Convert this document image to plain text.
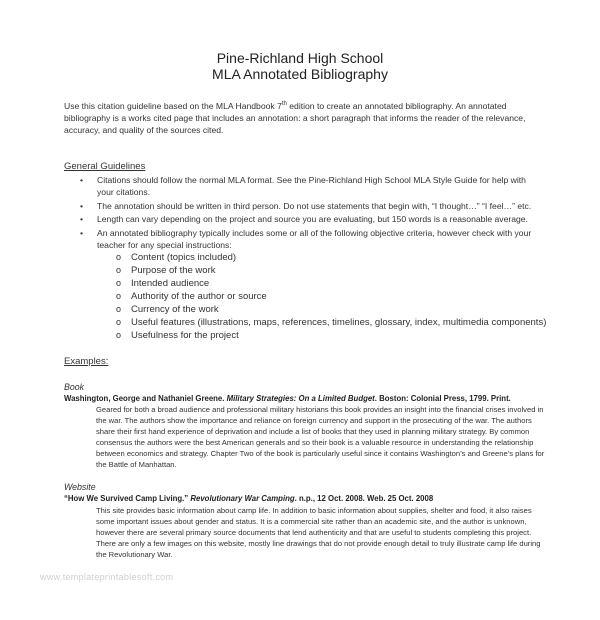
Pine-Richland High School
MLA Annotated Bibliography
Use this citation guideline based on the MLA Handbook 7th edition to create an annotated bibliography. An annotated bibliography is a works cited page that includes an annotation: a short paragraph that informs the reader of the relevance, accuracy, and quality of the sources cited.
General Guidelines
• Citations should follow the normal MLA format. See the Pine-Richland High School MLA Style Guide for help with your citations.
• The annotation should be written in third person. Do not use statements that begin with, “I thought…” “I feel…” etc.
• Length can vary depending on the project and source you are evaluating, but 150 words is a reasonable average.
• An annotated bibliography typically includes some or all of the following objective criteria, however check with your teacher for any special instructions:
o Content (topics included)
o Purpose of the work
o Intended audience
o Authority of the author or source
o Currency of the work
o Useful features (illustrations, maps, references, timelines, glossary, index, multimedia components)
o Usefulness for the project
Examples:
Book
Washington, George and Nathaniel Greene. Military Strategies: On a Limited Budget. Boston: Colonial Press, 1799. Print.
Geared for both a broad audience and professional military historians this book provides an insight into the financial crises involved in the war. The authors show the importance and reliance on foreign currency and support in the prosecuting of the war. The authors share their first hand experience of deprivation and include a list of books that they used in planning military strategy. By common consensus the authors were the best American generals and so their book is a valuable resource in understanding the relationship between economics and strategy. Chapter Two of the book is particularly useful since it contains Washington’s and Greene’s plans for the Battle of Manhattan.
Website
“How We Survived Camp Living.” Revolutionary War Camping. n.p., 12 Oct. 2008. Web. 25 Oct. 2008
This site provides basic information about camp life. In addition to basic information about supplies, shelter and food, it also raises some important issues about gender and status. It is a commercial site rather than an academic site, and the author is unknown, however there are several primary source documents that lend authenticity and that are useful to students completing this project. There are only a few images on this website, mostly line drawings that do not provide enough detail to truly illustrate camp life during the Revolutionary War.
www.templateprintablesoft.com
